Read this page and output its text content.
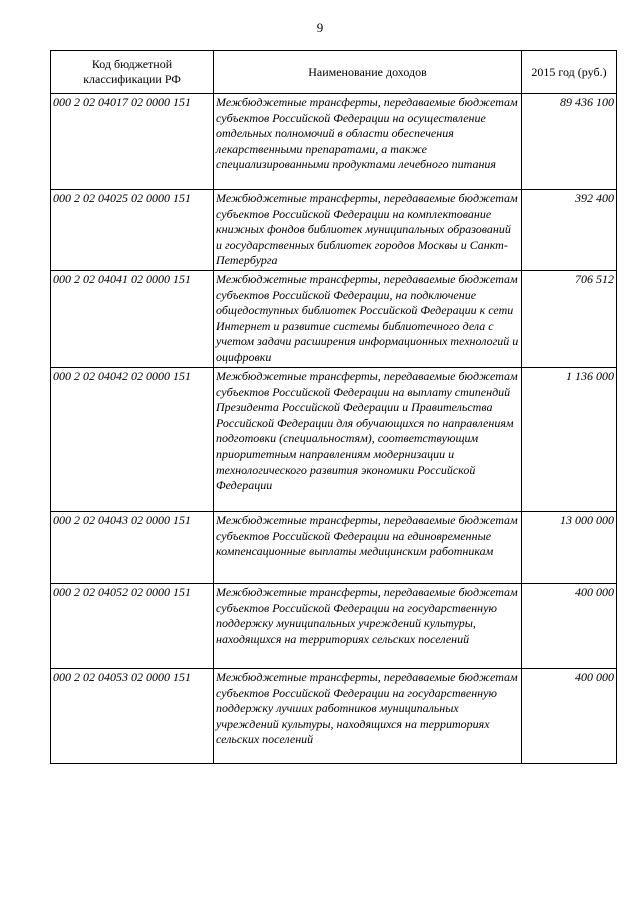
9
Код бюджетной классификации РФ	Наименование доходов	2015 год (руб.)
000 2 02 04017 02 0000 151	Межбюджетные трансферты, передаваемые бюджетам субъектов Российской Федерации на осуществление отдельных полномочий в области обеспечения лекарственными препаратами, а также специализированными продуктами лечебного питания	89 436 100
000 2 02 04025 02 0000 151	Межбюджетные трансферты, передаваемые бюджетам субъектов Российской Федерации на комплектование книжных фондов библиотек муниципальных образований и государственных библиотек городов Москвы и Санкт-Петербурга	392 400
000 2 02 04041 02 0000 151	Межбюджетные трансферты, передаваемые бюджетам субъектов Российской Федерации, на подключение общедоступных библиотек Российской Федерации к сети Интернет и развитие системы библиотечного дела с учетом задачи расширения информационных технологий и оцифровки	706 512
000 2 02 04042 02 0000 151	Межбюджетные трансферты, передаваемые бюджетам субъектов Российской Федерации на выплату стипендий Президента Российской Федерации и Правительства Российской Федерации для обучающихся по направлениям подготовки (специальностям), соответствующим приоритетным направлениям модернизации и технологического развития экономики Российской Федерации	1 136 000
000 2 02 04043 02 0000 151	Межбюджетные трансферты, передаваемые бюджетам субъектов Российской Федерации на единовременные компенсационные выплаты медицинским работникам	13 000 000
000 2 02 04052 02 0000 151	Межбюджетные трансферты, передаваемые бюджетам субъектов Российской Федерации на государственную поддержку муниципальных учреждений культуры, находящихся на территориях сельских поселений	400 000
000 2 02 04053 02 0000 151	Межбюджетные трансферты, передаваемые бюджетам субъектов Российской Федерации на государственную поддержку лучших работников муниципальных учреждений культуры, находящихся на территориях сельских поселений	400 000
